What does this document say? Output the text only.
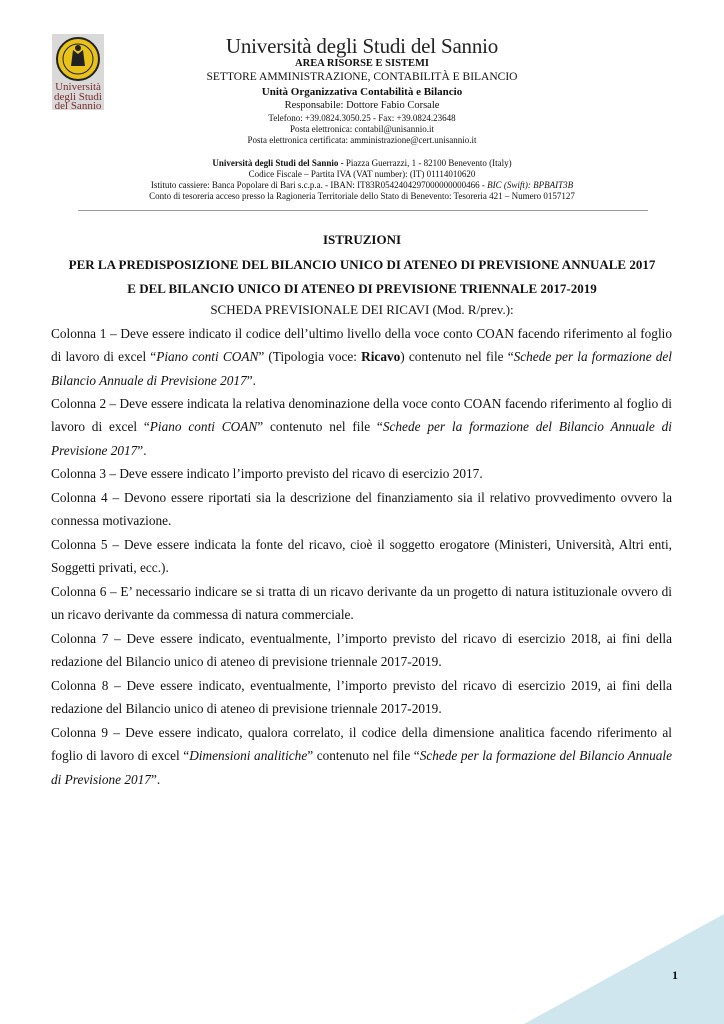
Università
degli Studi
del Sannio
Università degli Studi del Sannio
AREA RISORSE E SISTEMI
SETTORE AMMINISTRAZIONE, CONTABILITÀ E BILANCIO
Unità Organizzativa Contabilità e Bilancio
Responsabile: Dottore Fabio Corsale
Telefono: +39.0824.3050.25 - Fax: +39.0824.23648
Posta elettronica: contabil@unisannio.it
Posta elettronica certificata: amministrazione@cert.unisannio.it
Università degli Studi del Sannio - Piazza Guerrazzi, 1 - 82100 Benevento (Italy)
Codice Fiscale – Partita IVA (VAT number): (IT) 01114010620
Istituto cassiere: Banca Popolare di Bari s.c.p.a. - IBAN: IT83R0542404297000000000466 - BIC (Swift): BPBAIT3B
Conto di tesoreria acceso presso la Ragioneria Territoriale dello Stato di Benevento: Tesoreria 421 – Numero 0157127
ISTRUZIONI
PER LA PREDISPOSIZIONE DEL BILANCIO UNICO DI ATENEO DI PREVISIONE ANNUALE 2017
E DEL BILANCIO UNICO DI ATENEO DI PREVISIONE TRIENNALE 2017-2019
SCHEDA PREVISIONALE DEI RICAVI (Mod. R/prev.):
Colonna 1 – Deve essere indicato il codice dell’ultimo livello della voce conto COAN facendo riferimento al foglio di lavoro di excel “Piano conti COAN” (Tipologia voce: Ricavo) contenuto nel file “Schede per la formazione del Bilancio Annuale di Previsione 2017”.
Colonna 2 – Deve essere indicata la relativa denominazione della voce conto COAN facendo riferimento al foglio di lavoro di excel “Piano conti COAN” contenuto nel file “Schede per la formazione del Bilancio Annuale di Previsione 2017”.
Colonna 3 – Deve essere indicato l’importo previsto del ricavo di esercizio 2017.
Colonna 4 – Devono essere riportati sia la descrizione del finanziamento sia il relativo provvedimento ovvero la connessa motivazione.
Colonna 5 – Deve essere indicata la fonte del ricavo, cioè il soggetto erogatore (Ministeri, Università, Altri enti, Soggetti privati, ecc.).
Colonna 6 – E’ necessario indicare se si tratta di un ricavo derivante da un progetto di natura istituzionale ovvero di un ricavo derivante da commessa di natura commerciale.
Colonna 7 – Deve essere indicato, eventualmente, l’importo previsto del ricavo di esercizio 2018, ai fini della redazione del Bilancio unico di ateneo di previsione triennale 2017-2019.
Colonna 8 – Deve essere indicato, eventualmente, l’importo previsto del ricavo di esercizio 2019, ai fini della redazione del Bilancio unico di ateneo di previsione triennale 2017-2019.
Colonna 9 – Deve essere indicato, qualora correlato, il codice della dimensione analitica facendo riferimento al foglio di lavoro di excel “Dimensioni analitiche” contenuto nel file “Schede per la formazione del Bilancio Annuale di Previsione 2017”.
1
